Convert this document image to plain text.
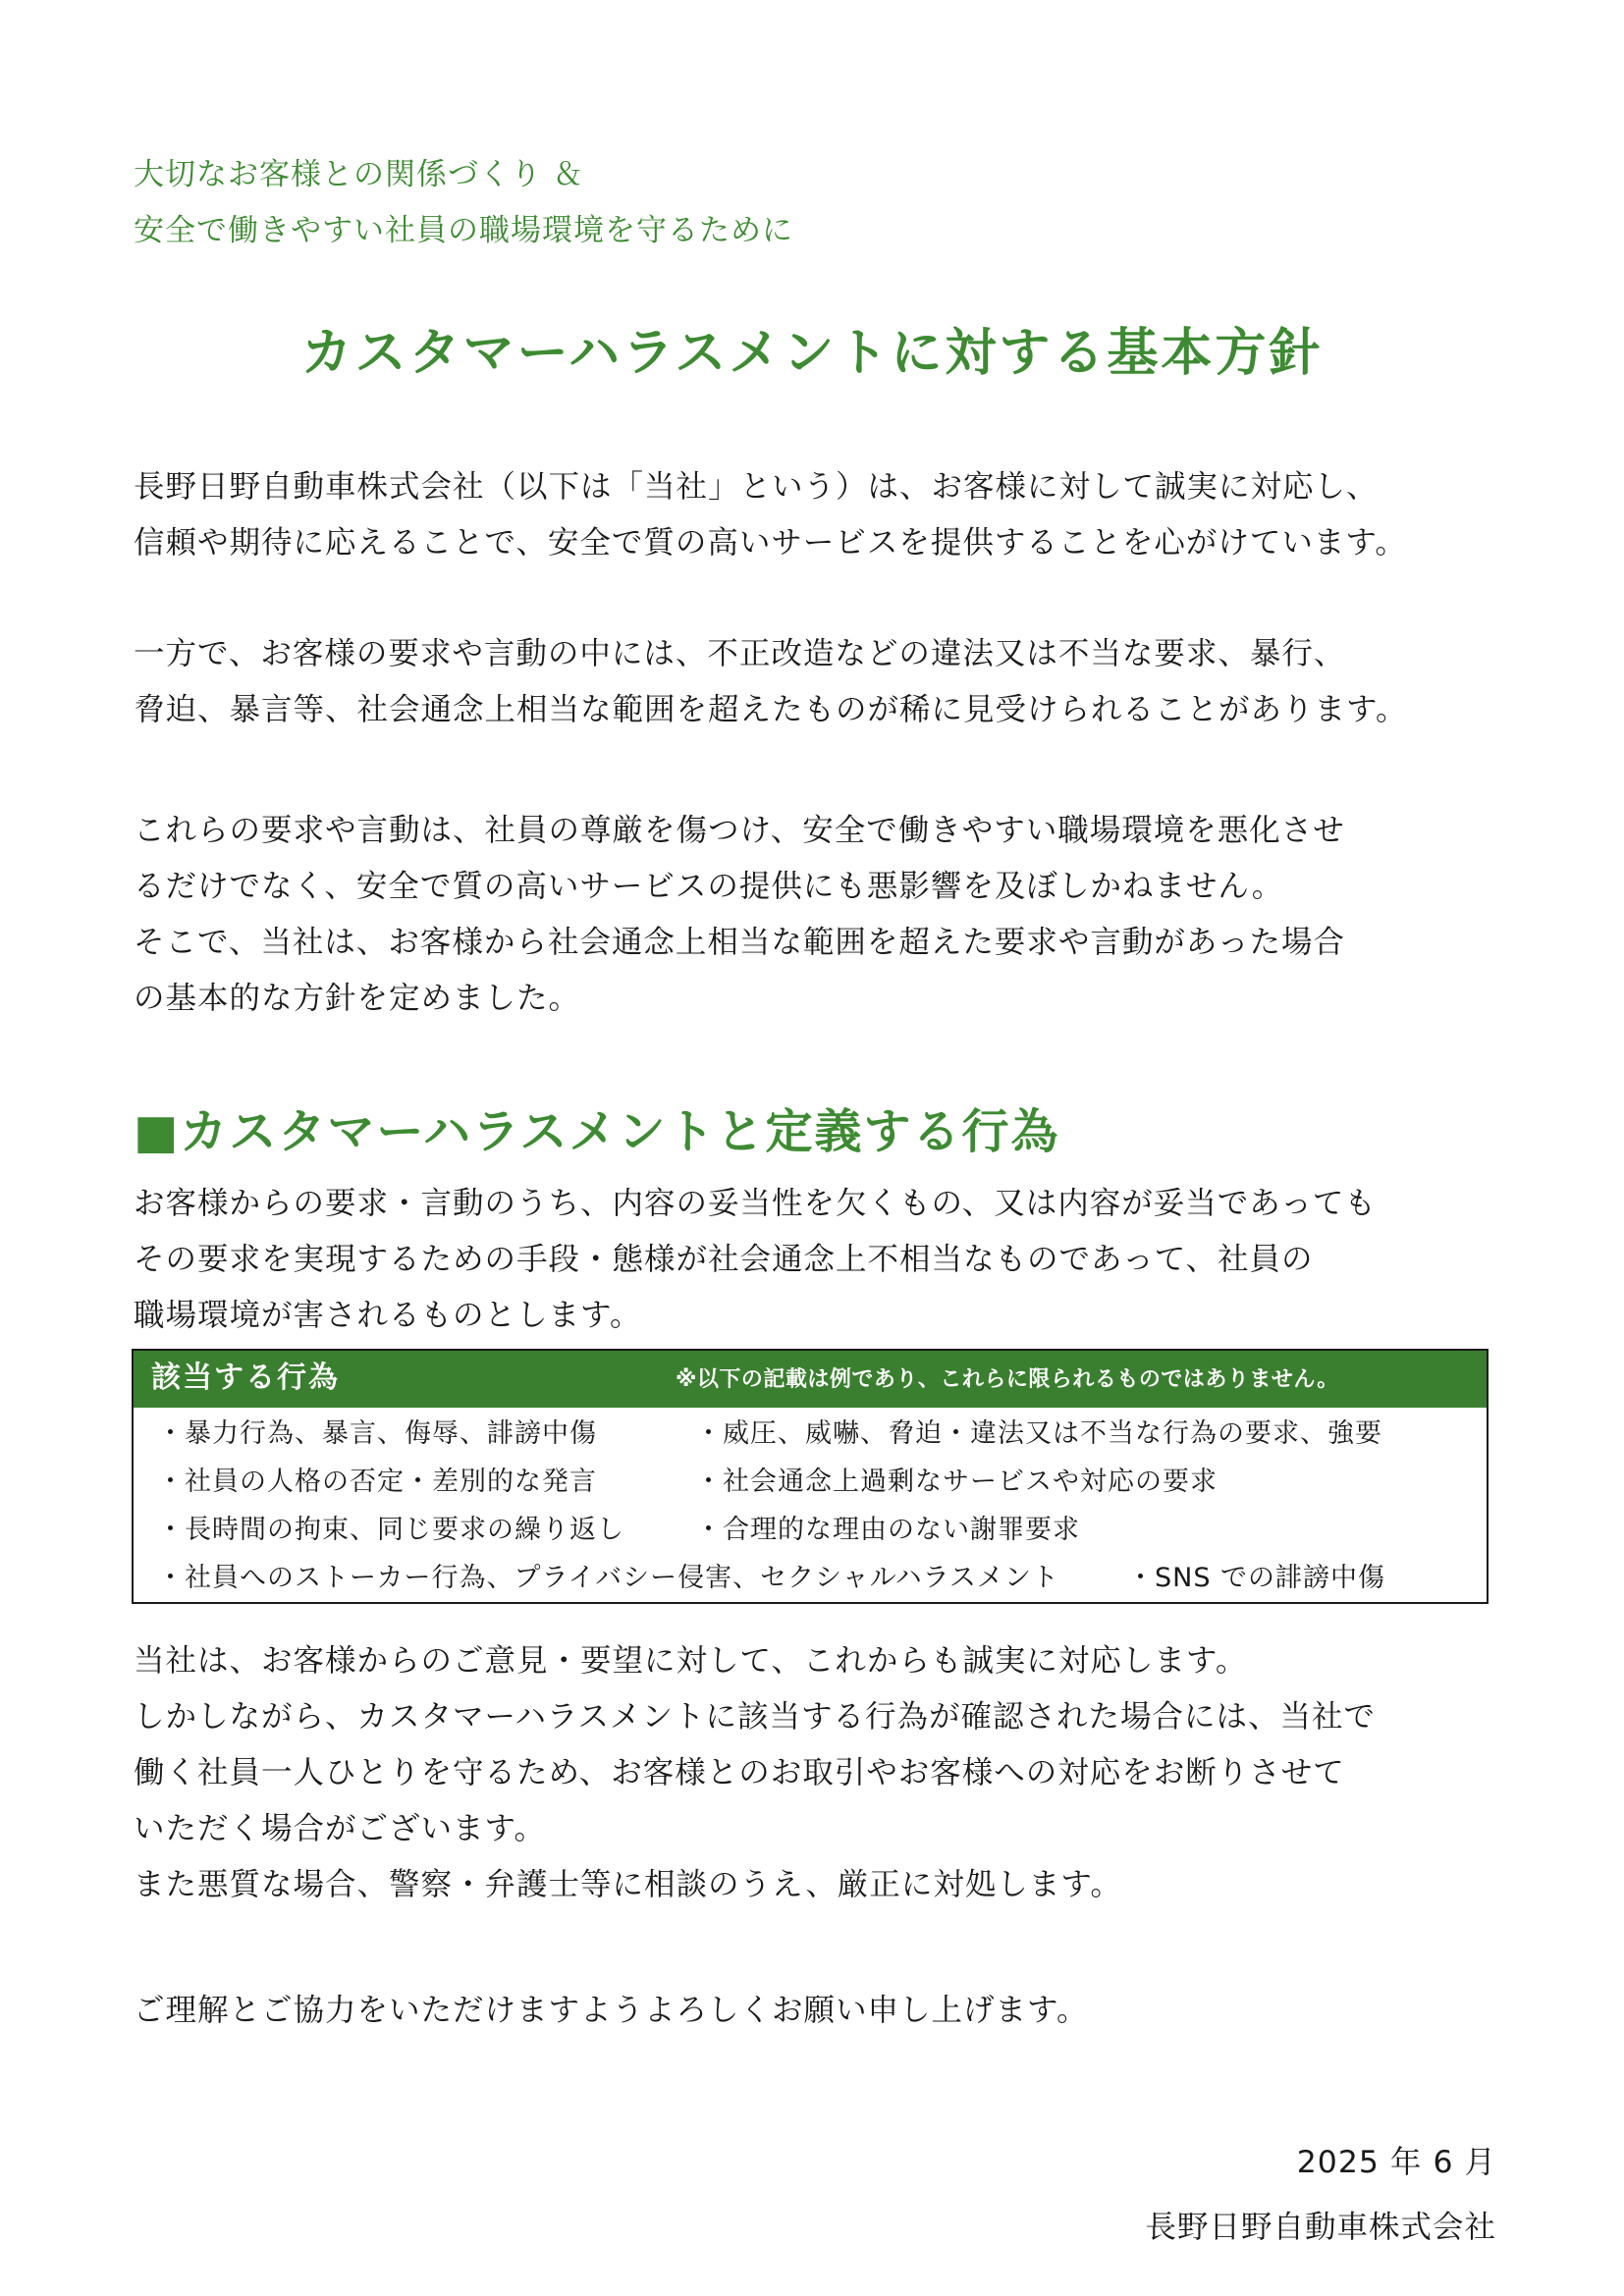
大切なお客様との関係づくり ＆
安全で働きやすい社員の職場環境を守るために
カスタマーハラスメントに対する基本方針
長野日野自動車株式会社（以下は「当社」という）は、お客様に対して誠実に対応し、
信頼や期待に応えることで、安全で質の高いサービスを提供することを心がけています。
一方で、お客様の要求や言動の中には、不正改造などの違法又は不当な要求、暴行、
脅迫、暴言等、社会通念上相当な範囲を超えたものが稀に見受けられることがあります。
これらの要求や言動は、社員の尊厳を傷つけ、安全で働きやすい職場環境を悪化させ
るだけでなく、安全で質の高いサービスの提供にも悪影響を及ぼしかねません。
そこで、当社は、お客様から社会通念上相当な範囲を超えた要求や言動があった場合
の基本的な方針を定めました。
■カスタマーハラスメントと定義する行為
お客様からの要求・言動のうち、内容の妥当性を欠くもの、又は内容が妥当であっても
その要求を実現するための手段・態様が社会通念上不相当なものであって、社員の
職場環境が害されるものとします。
該当する行為	※以下の記載は例であり、これらに限られるものではありません。
・暴力行為、暴言、侮辱、誹謗中傷	・威圧、威嚇、脅迫・違法又は不当な行為の要求、強要
・社員の人格の否定・差別的な発言	・社会通念上過剰なサービスや対応の要求
・長時間の拘束、同じ要求の繰り返し	・合理的な理由のない謝罪要求
・社員へのストーカー行為、プライバシー侵害、セクシャルハラスメント	・SNS での誹謗中傷
当社は、お客様からのご意見・要望に対して、これからも誠実に対応します。
しかしながら、カスタマーハラスメントに該当する行為が確認された場合には、当社で
働く社員一人ひとりを守るため、お客様とのお取引やお客様への対応をお断りさせて
いただく場合がございます。
また悪質な場合、警察・弁護士等に相談のうえ、厳正に対処します。
ご理解とご協力をいただけますようよろしくお願い申し上げます。
2025 年 6 月
長野日野自動車株式会社
